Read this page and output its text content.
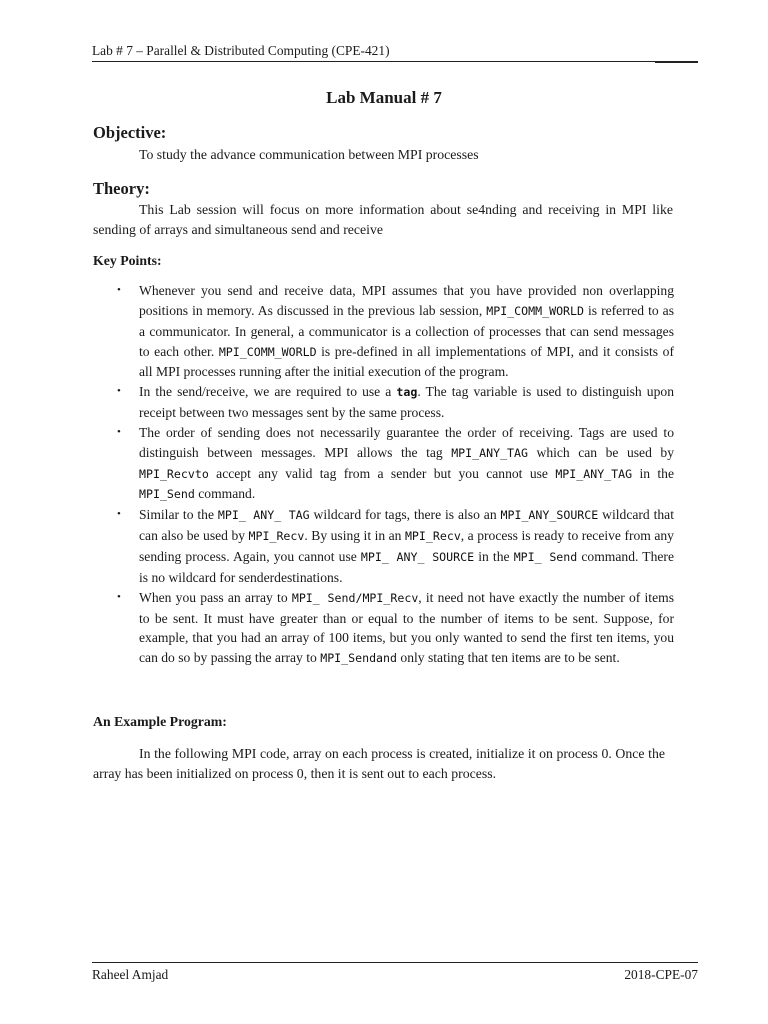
Lab # 7 – Parallel & Distributed Computing (CPE-421)
Lab Manual # 7
Objective:
To study the advance communication between MPI processes
Theory:
This Lab session will focus on more information about se4nding and receiving in MPI like sending of arrays and simultaneous send and receive
Key Points:
• Whenever you send and receive data, MPI assumes that you have provided non overlapping positions in memory. As discussed in the previous lab session, MPI_COMM_WORLD is referred to as a communicator. In general, a communicator is a collection of processes that can send messages to each other. MPI_COMM_WORLD is pre-defined in all implementations of MPI, and it consists of all MPI processes running after the initial execution of the program.
• In the send/receive, we are required to use a tag. The tag variable is used to distinguish upon receipt between two messages sent by the same process.
• The order of sending does not necessarily guarantee the order of receiving. Tags are used to distinguish between messages. MPI allows the tag MPI_ANY_TAG which can be used by MPI_Recvto accept any valid tag from a sender but you cannot use MPI_ANY_TAG in the MPI_Send command.
• Similar to the MPI_ ANY_ TAG wildcard for tags, there is also an MPI_ANY_SOURCE wildcard that can also be used by MPI_Recv. By using it in an MPI_Recv, a process is ready to receive from any sending process. Again, you cannot use MPI_ ANY_ SOURCE in the MPI_ Send command. There is no wildcard for senderdestinations.
• When you pass an array to MPI_ Send/MPI_Recv, it need not have exactly the number of items to be sent. It must have greater than or equal to the number of items to be sent. Suppose, for example, that you had an array of 100 items, but you only wanted to send the first ten items, you can do so by passing the array to MPI_Sendand only stating that ten items are to be sent.
An Example Program:
In the following MPI code, array on each process is created, initialize it on process 0. Once the array has been initialized on process 0, then it is sent out to each process.
Raheel Amjad	2018-CPE-07
